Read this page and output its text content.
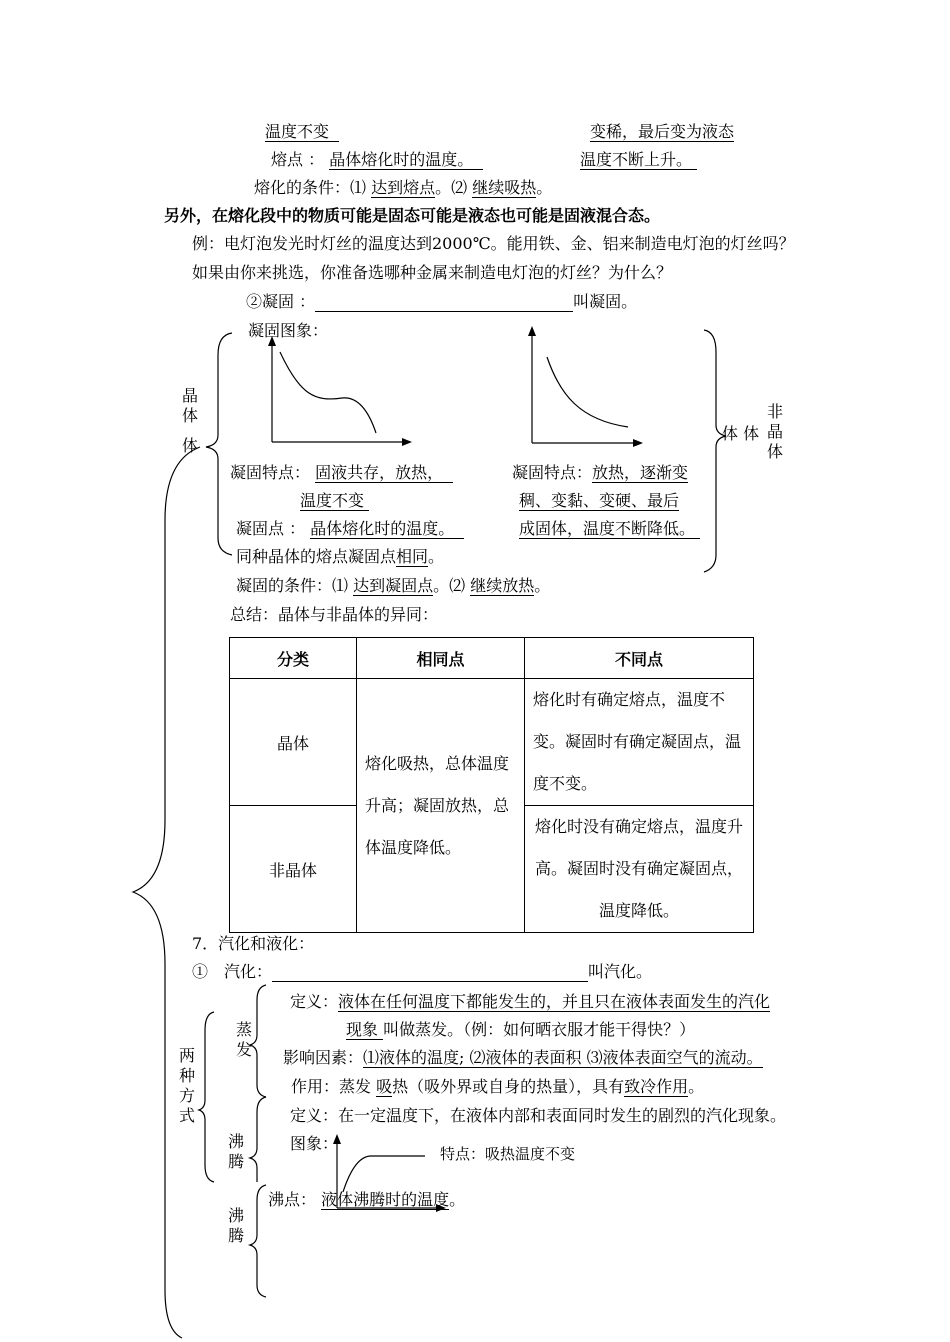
温度不变	变稀，最后变为液态
熔点 ： 晶体熔化时的温度。	温度不断上升。
熔化的条件：⑴ 达到熔点。⑵ 继续吸热。
另外，在熔化段中的物质可能是固态可能是液态也可能是固液混合态。
例：电灯泡发光时灯丝的温度达到2000℃。能用铁、金、铝来制造电灯泡的灯丝吗？
如果由你来挑选，你准备选哪种金属来制造电灯泡的灯丝？为什么？
②凝固 ：	叫凝固。
凝固图象：
晶体
体
体 体
非晶体
凝固特点： 固液共存，放热，
温度不变
凝固点 ： 晶体熔化时的温度。
同种晶体的熔点凝固点相同。
凝固特点：放热，逐渐变
稠、变黏、变硬、最后
成固体，温度不断降低。
凝固的条件：⑴ 达到凝固点。⑵ 继续放热。
总结：晶体与非晶体的异同：
分类	相同点	不同点
晶体	熔化吸热，总体温度升高；凝固放热，总体温度降低。	熔化时有确定熔点，温度不变。凝固时有确定凝固点，温度不变。
非晶体		熔化时没有确定熔点，温度升高。凝固时没有确定凝固点，温度降低。
7．汽化和液化：
①　汽化：	叫汽化。
两种方式
蒸发
沸腾
沸腾
定义：液体在任何温度下都能发生的，并且只在液体表面发生的汽化
现象 叫做蒸发。（例：如何晒衣服才能干得快？）
影响因素：⑴液体的温度; ⑵液体的表面积 ⑶液体表面空气的流动。
作用：蒸发 吸热（吸外界或自身的热量），具有致冷作用。
定义：在一定温度下，在液体内部和表面同时发生的剧烈的汽化现象。
图象：
特点：吸热温度不变
沸点： 液体沸腾时的温度。
